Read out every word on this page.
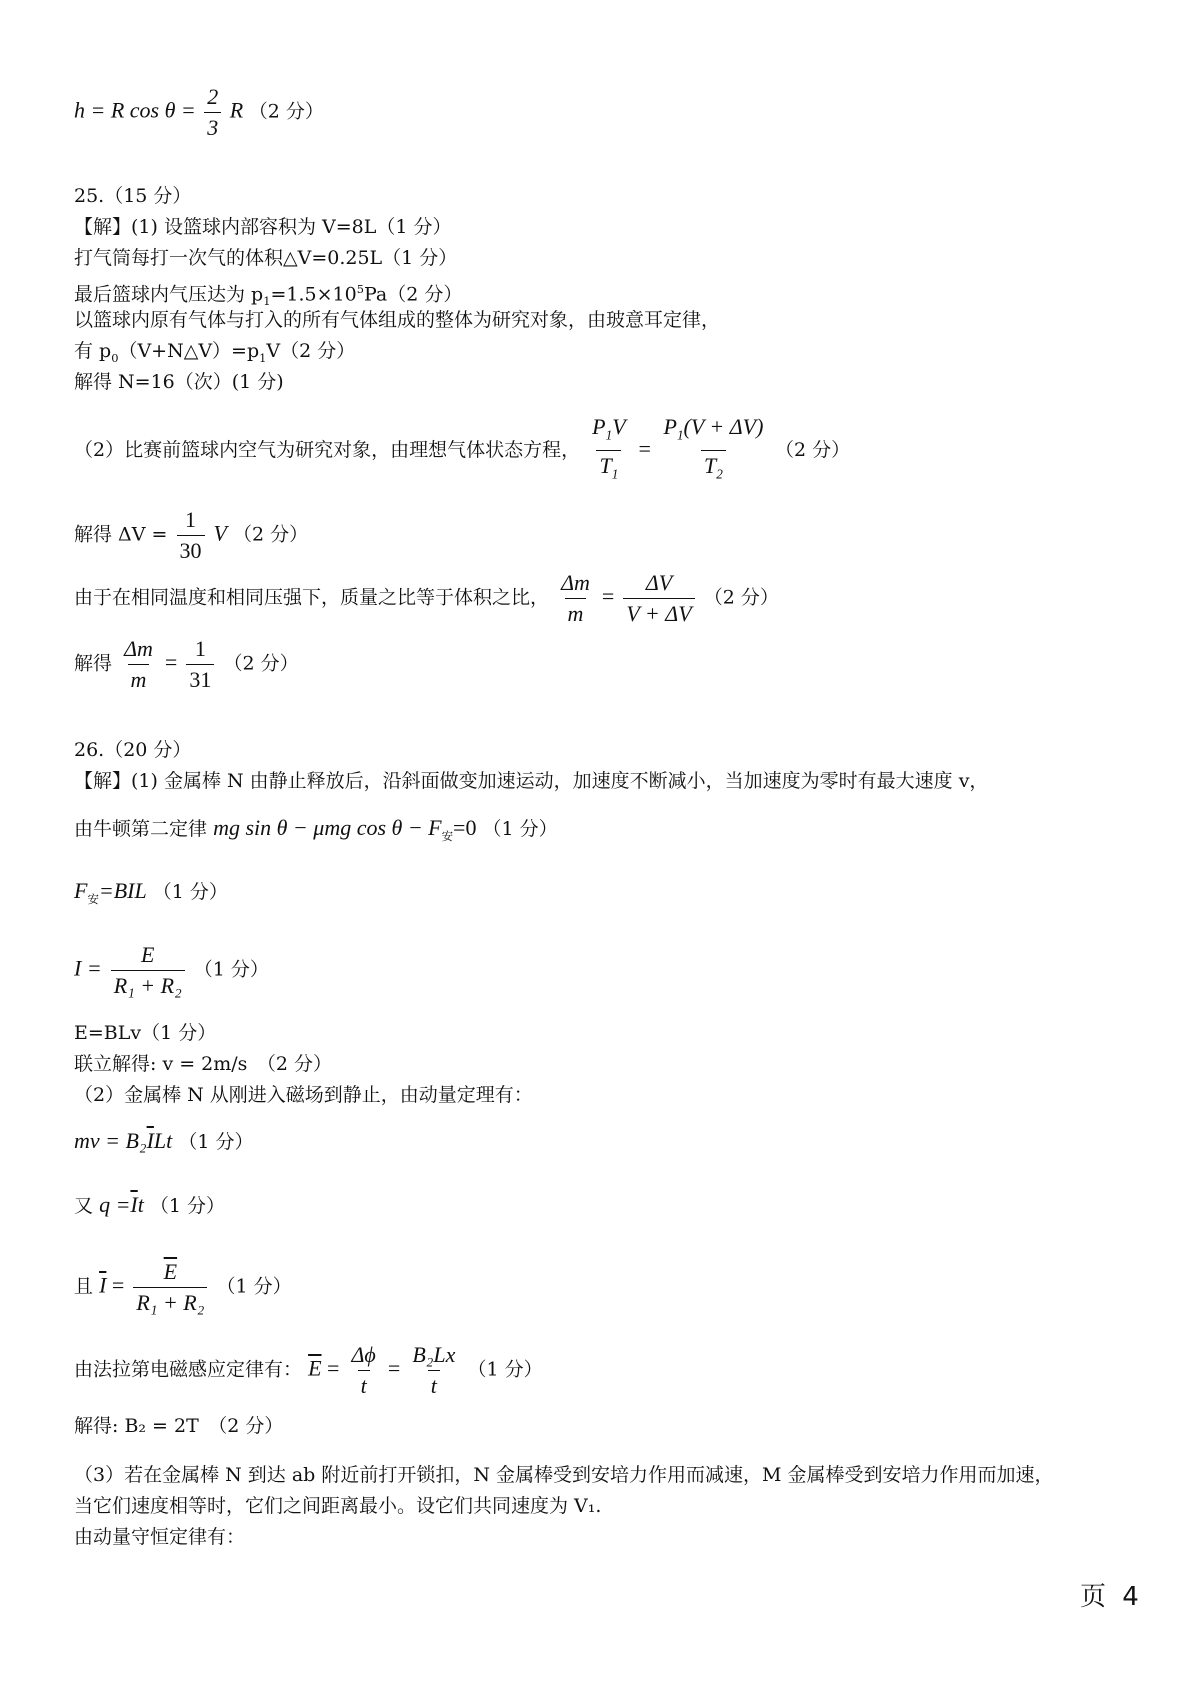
h = R $\cos \theta = \frac{2}{3}$ R （2 分）
25.（15 分）
【解】(1) 设篮球内部容积为 V=8L（1 分）
打气筒每打一次气的体积△V=0.25L（1 分）
最后篮球内气压达为 $p_1=1.5\times 10^5Pa(2$ 分）
以篮球内原有气体与打入的所有气体组成的整体为研究对象，由玻意耳定律，
有 $p_0(V+N\triangle V)=p_1V(2$ 分）
解得 N=16（次）(1 分)
（2）比赛前篮球内空气为研究对象，由理想气体状态方程， $\frac{P_1V}{T_1} = \frac{P_1(V + \Delta V)}{T_2} (2$ 分）
解得 $\Delta V = \frac{1}{30}$ V （2 分）
由于在相同温度和相同压强下，质量之比等于体积之比， $\frac{\Delta m}{m} = \frac{\Delta V}{V + \Delta V} (2$ 分）
解得 $\frac{\Delta m}{m} = \frac{1}{31} (2$ 分）
26.（20 分）
【解】(1) 金属棒 N 由静止释放后，沿斜面做变加速运动，加速度不断减小，当加速度为零时有最大速度 v，
由牛顿第二定律 mg sin θ − μmg $\cos \theta - F_安=0$ （1 分）
$F_安=BIL$ （1 分）
$I = \frac{E}{\text{R₁ + R₂}} (1$ 分）
E=BLv（1 分）
联立解得: v = 2m/s　（2 分）
（2）金属棒 N 从刚进入磁场到静止，由动量定理有：
mv = $B_2\overline{I}Lt$ （1 分）
又 $q =\overline{I}t$ （1 分）
且 $\overline{I} = \frac{\overline{E}}{\text{R₁ + R₂}} (1$ 分）
由法拉第电磁感应定律有： $\overline{E} = \frac{\Delta\phi}{t} = \frac{\text{B₂Lx}}{t} (1$ 分）
解得: B₂ = 2T　（2 分）
（3）若在金属棒 N 到达 ab 附近前打开锁扣，N 金属棒受到安培力作用而减速，M 金属棒受到安培力作用而加速，
当它们速度相等时，它们之间距离最小。设它们共同速度为 V₁.
由动量守恒定律有：
页 4
